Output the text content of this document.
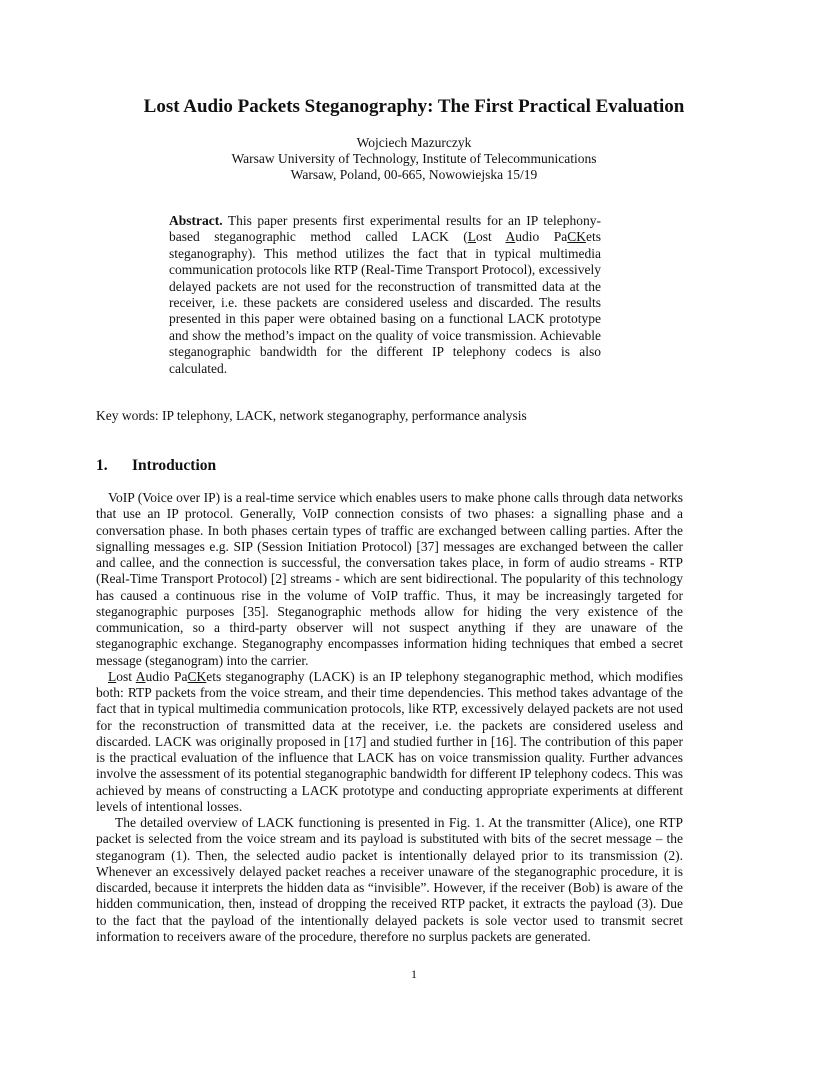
Lost Audio Packets Steganography: The First Practical Evaluation
Wojciech Mazurczyk
Warsaw University of Technology, Institute of Telecommunications
Warsaw, Poland, 00-665, Nowowiejska 15/19

Abstract. This paper presents first experimental results for an IP telephony-based steganographic method called LACK (Lost Audio PaCKets steganography). This method utilizes the fact that in typical multimedia communication protocols like RTP (Real-Time Transport Protocol), excessively delayed packets are not used for the reconstruction of transmitted data at the receiver, i.e. these packets are considered useless and discarded. The results presented in this paper were obtained basing on a functional LACK prototype and show the method’s impact on the quality of voice transmission. Achievable steganographic bandwidth for the different IP telephony codecs is also calculated.

Key words: IP telephony, LACK, network steganography, performance analysis

1. Introduction

VoIP (Voice over IP) is a real-time service which enables users to make phone calls through data networks that use an IP protocol. Generally, VoIP connection consists of two phases: a signalling phase and a conversation phase. In both phases certain types of traffic are exchanged between calling parties. After the signalling messages e.g. SIP (Session Initiation Protocol) [37] messages are exchanged between the caller and callee, and the connection is successful, the conversation takes place, in form of audio streams - RTP (Real-Time Transport Protocol) [2] streams - which are sent bidirectional. The popularity of this technology has caused a continuous rise in the volume of VoIP traffic. Thus, it may be increasingly targeted for steganographic purposes [35]. Steganographic methods allow for hiding the very existence of the communication, so a third-party observer will not suspect anything if they are unaware of the steganographic exchange. Steganography encompasses information hiding techniques that embed a secret message (steganogram) into the carrier.

Lost Audio PaCKets steganography (LACK) is an IP telephony steganographic method, which modifies both: RTP packets from the voice stream, and their time dependencies. This method takes advantage of the fact that in typical multimedia communication protocols, like RTP, excessively delayed packets are not used for the reconstruction of transmitted data at the receiver, i.e. the packets are considered useless and discarded. LACK was originally proposed in [17] and studied further in [16]. The contribution of this paper is the practical evaluation of the influence that LACK has on voice transmission quality. Further advances involve the assessment of its potential steganographic bandwidth for different IP telephony codecs. This was achieved by means of constructing a LACK prototype and conducting appropriate experiments at different levels of intentional losses.

The detailed overview of LACK functioning is presented in Fig. 1. At the transmitter (Alice), one RTP packet is selected from the voice stream and its payload is substituted with bits of the secret message – the steganogram (1). Then, the selected audio packet is intentionally delayed prior to its transmission (2). Whenever an excessively delayed packet reaches a receiver unaware of the steganographic procedure, it is discarded, because it interprets the hidden data as “invisible”. However, if the receiver (Bob) is aware of the hidden communication, then, instead of dropping the received RTP packet, it extracts the payload (3). Due to the fact that the payload of the intentionally delayed packets is sole vector used to transmit secret information to receivers aware of the procedure, therefore no surplus packets are generated.

1
